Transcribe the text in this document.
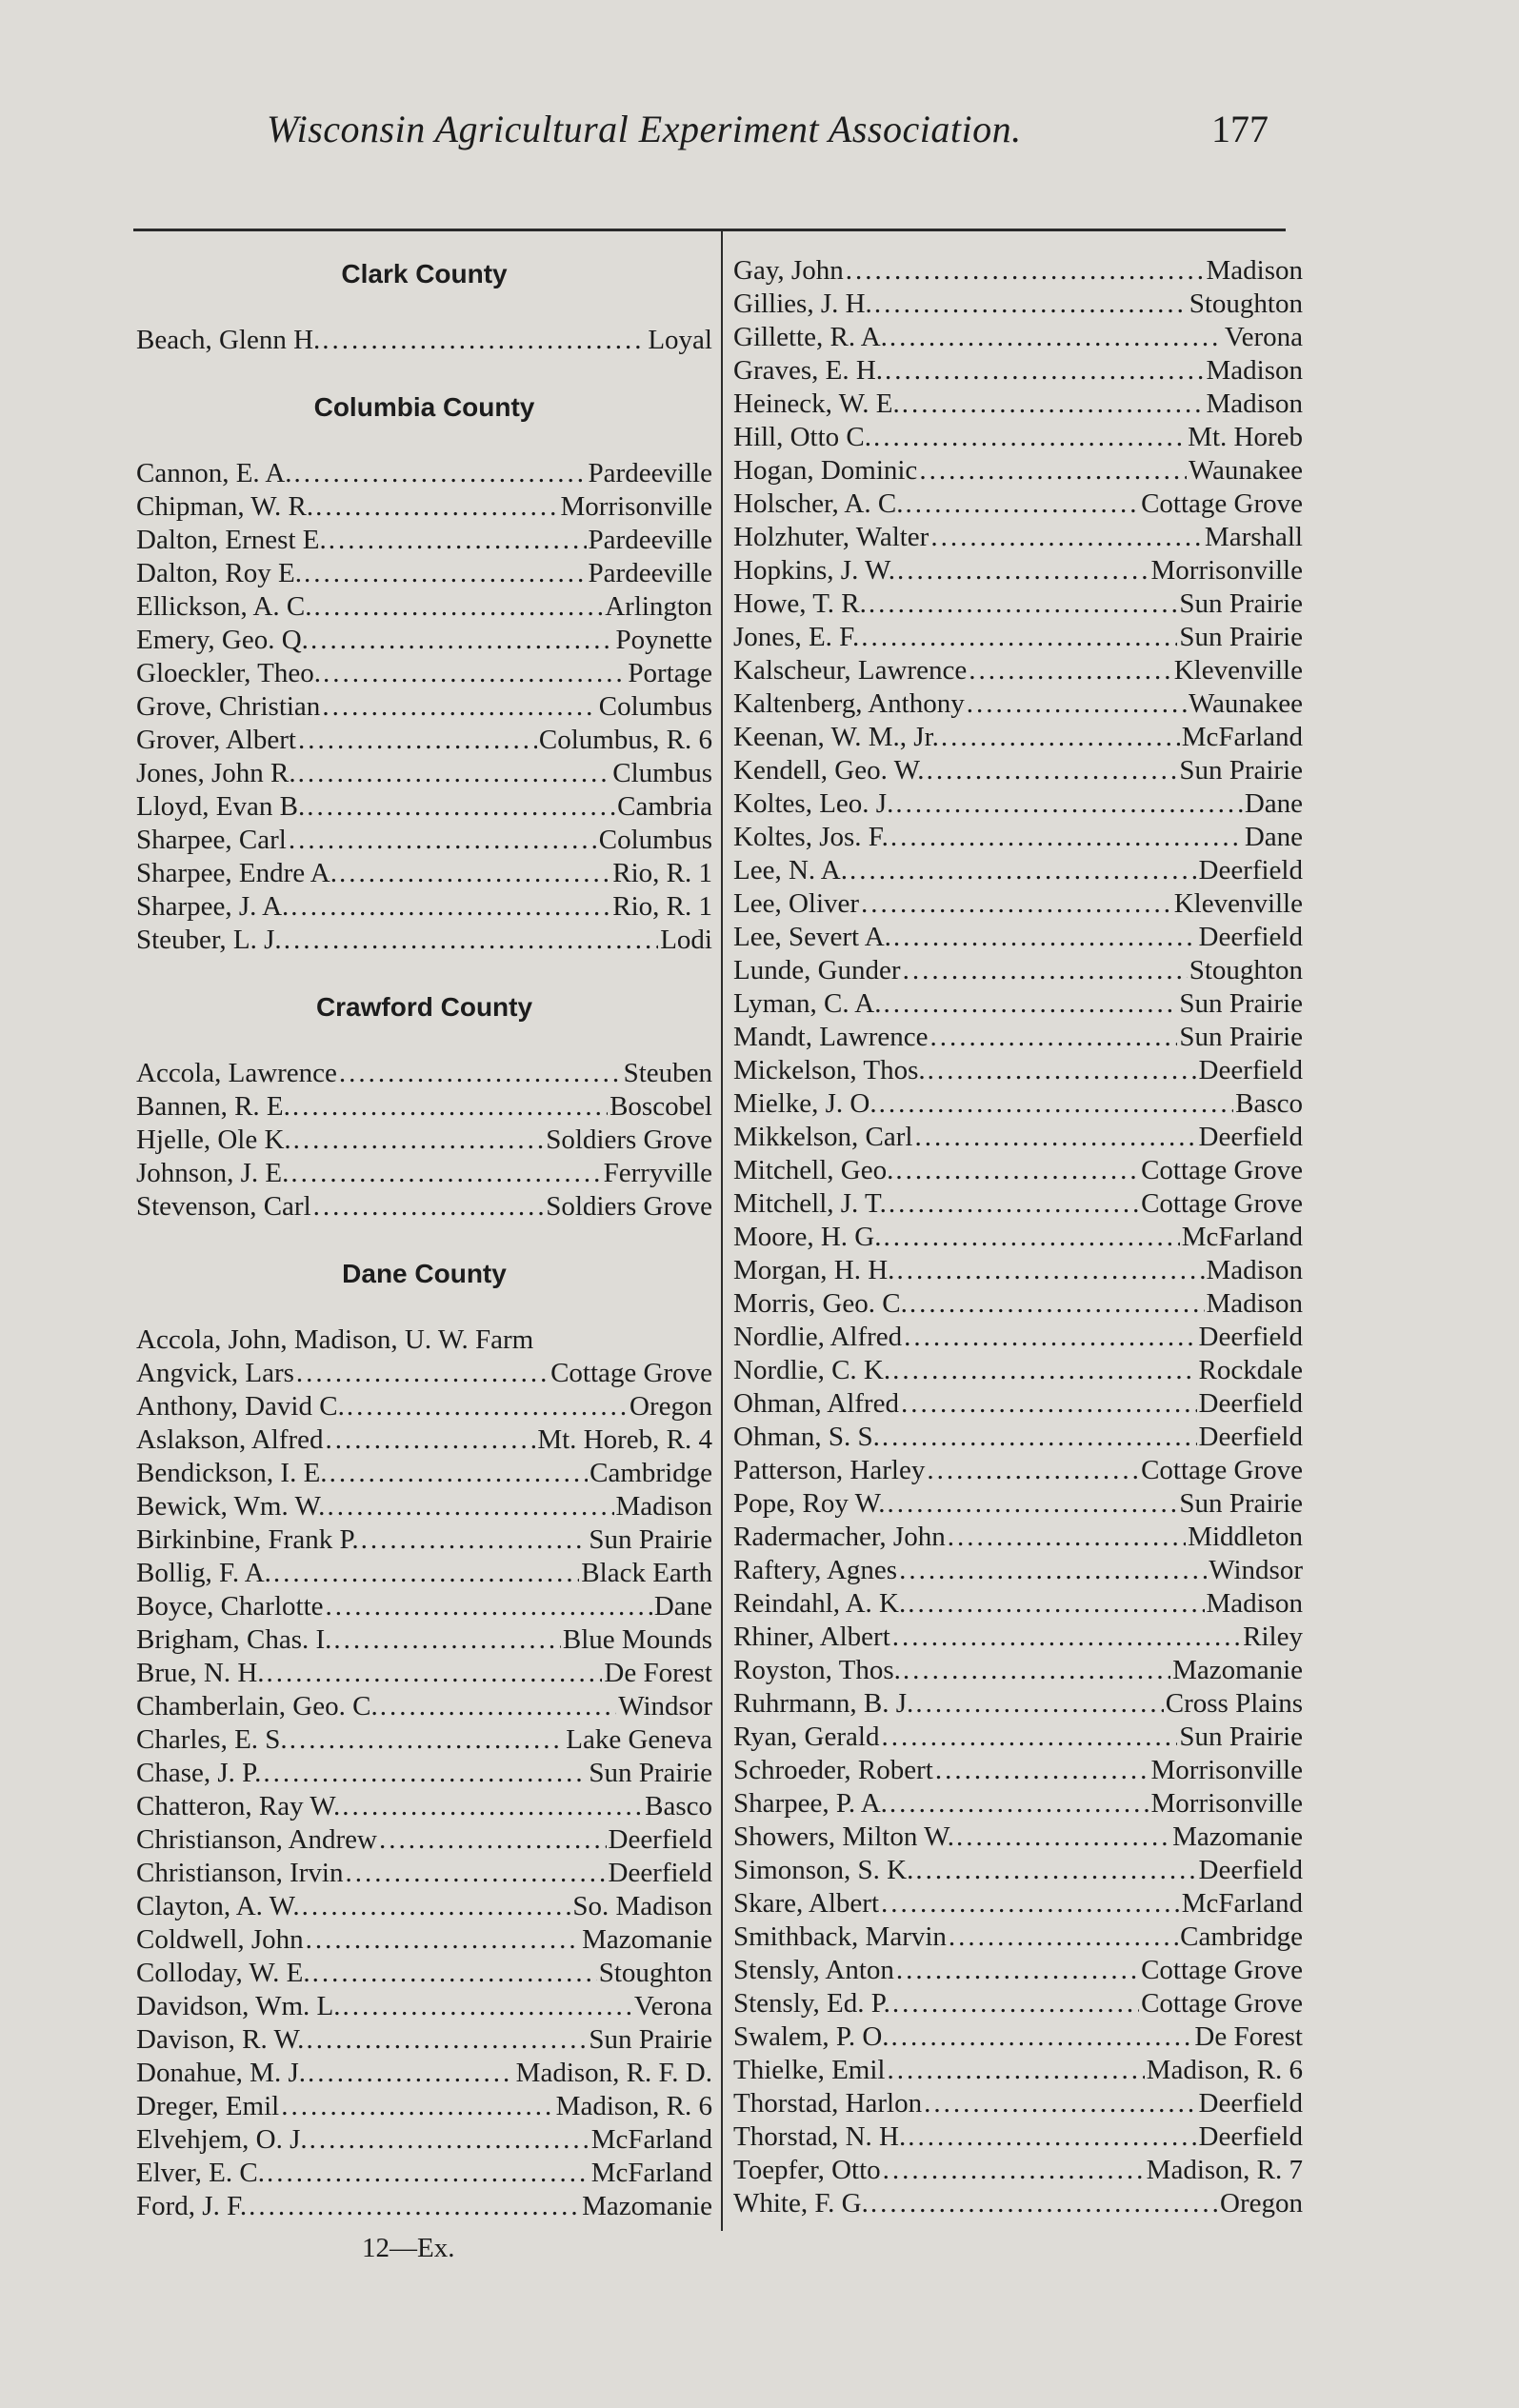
Wisconsin Agricultural Experiment Association.	177
Clark County
Beach, Glenn H. .....	Loyal
Columbia County
Cannon, E. A. .....	Pardeeville
Chipman, W. R. .....	Morrisonville
Dalton, Ernest E. .....	Pardeeville
Dalton, Roy E. .....	Pardeeville
Ellickson, A. C. .....	Arlington
Emery, Geo. Q. .....	Poynette
Gloeckler, Theo. .....	Portage
Grove, Christian .....	Columbus
Grover, Albert .....	Columbus, R. 6
Jones, John R. .....	Clumbus
Lloyd, Evan B. .....	Cambria
Sharpee, Carl .....	Columbus
Sharpee, Endre A. .....	Rio, R. 1
Sharpee, J. A. .....	Rio, R. 1
Steuber, L. J. .....	Lodi
Crawford County
Accola, Lawrence .....	Steuben
Bannen, R. E. .....	Boscobel
Hjelle, Ole K. .....	Soldiers Grove
Johnson, J. E. .....	Ferryville
Stevenson, Carl .....	Soldiers Grove
Dane County
Accola, John, Madison, U. W. Farm
Angvick, Lars .....	Cottage Grove
Anthony, David C. .....	Oregon
Aslakson, Alfred .....	Mt. Horeb, R. 4
Bendickson, I. E. .....	Cambridge
Bewick, Wm. W. .....	Madison
Birkinbine, Frank P. .....	Sun Prairie
Bollig, F. A. .....	Black Earth
Boyce, Charlotte .....	Dane
Brigham, Chas. I. .....	Blue Mounds
Brue, N. H. .....	De Forest
Chamberlain, Geo. C. .....	Windsor
Charles, E. S. .....	Lake Geneva
Chase, J. P. .....	Sun Prairie
Chatteron, Ray W. .....	Basco
Christianson, Andrew .....	Deerfield
Christianson, Irvin .....	Deerfield
Clayton, A. W. .....	So. Madison
Coldwell, John .....	Mazomanie
Colloday, W. E. .....	Stoughton
Davidson, Wm. L. .....	Verona
Davison, R. W. .....	Sun Prairie
Donahue, M. J. .....	Madison, R. F. D.
Dreger, Emil .....	Madison, R. 6
Elvehjem, O. J. .....	McFarland
Elver, E. C. .....	McFarland
Ford, J. F. .....	Mazomanie
Gay, John .....	Madison
Gillies, J. H. .....	Stoughton
Gillette, R. A. .....	Verona
Graves, E. H. .....	Madison
Heineck, W. E. .....	Madison
Hill, Otto C. .....	Mt. Horeb
Hogan, Dominic .....	Waunakee
Holscher, A. C. .....	Cottage Grove
Holzhuter, Walter .....	Marshall
Hopkins, J. W. .....	Morrisonville
Howe, T. R. .....	Sun Prairie
Jones, E. F. .....	Sun Prairie
Kalscheur, Lawrence .....	Klevenville
Kaltenberg, Anthony .....	Waunakee
Keenan, W. M., Jr. .....	McFarland
Kendell, Geo. W. .....	Sun Prairie
Koltes, Leo. J. .....	Dane
Koltes, Jos. F. .....	Dane
Lee, N. A. .....	Deerfield
Lee, Oliver .....	Klevenville
Lee, Severt A. .....	Deerfield
Lunde, Gunder .....	Stoughton
Lyman, C. A. .....	Sun Prairie
Mandt, Lawrence .....	Sun Prairie
Mickelson, Thos. .....	Deerfield
Mielke, J. O. .....	Basco
Mikkelson, Carl .....	Deerfield
Mitchell, Geo. .....	Cottage Grove
Mitchell, J. T. .....	Cottage Grove
Moore, H. G. .....	McFarland
Morgan, H. H. .....	Madison
Morris, Geo. C. .....	Madison
Nordlie, Alfred .....	Deerfield
Nordlie, C. K. .....	Rockdale
Ohman, Alfred .....	Deerfield
Ohman, S. S. .....	Deerfield
Patterson, Harley .....	Cottage Grove
Pope, Roy W. .....	Sun Prairie
Radermacher, John .....	Middleton
Raftery, Agnes .....	Windsor
Reindahl, A. K. .....	Madison
Rhiner, Albert .....	Riley
Royston, Thos. .....	Mazomanie
Ruhrmann, B. J. .....	Cross Plains
Ryan, Gerald .....	Sun Prairie
Schroeder, Robert .....	Morrisonville
Sharpee, P. A. .....	Morrisonville
Showers, Milton W. .....	Mazomanie
Simonson, S. K. .....	Deerfield
Skare, Albert .....	McFarland
Smithback, Marvin .....	Cambridge
Stensly, Anton .....	Cottage Grove
Stensly, Ed. P. .....	Cottage Grove
Swalem, P. O. .....	De Forest
Thielke, Emil .....	Madison, R. 6
Thorstad, Harlon .....	Deerfield
Thorstad, N. H. .....	Deerfield
Toepfer, Otto .....	Madison, R. 7
White, F. G. .....	Oregon
12—Ex.
